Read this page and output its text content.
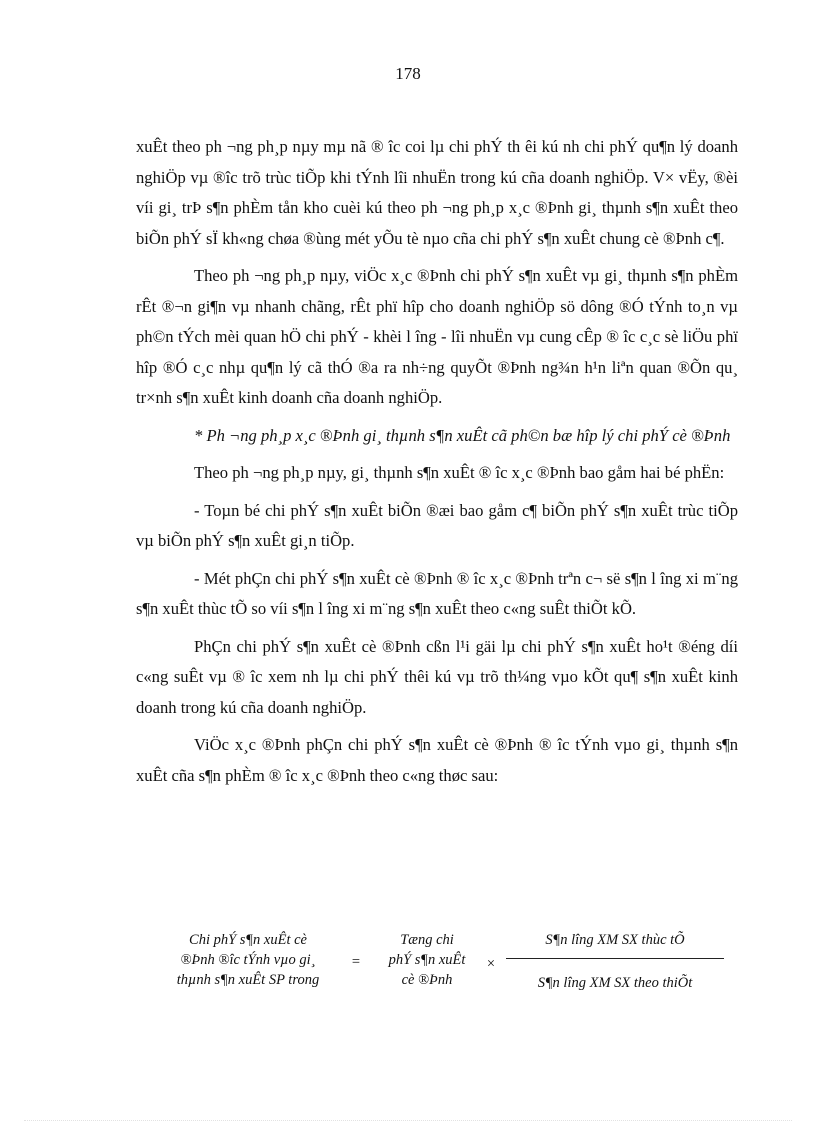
178

xuÊt theo ph ¬ng ph¸p nµy mµ nã ® îc coi lµ chi phÝ th êi kú nh chi phÝ qu¶n lý doanh nghiÖp vµ ®îc trõ trùc tiÕp khi tÝnh lîi nhuËn trong kú cña doanh nghiÖp. V× vËy, ®èi víi gi¸ trÞ s¶n phÈm tån kho cuèi kú theo ph ¬ng ph¸p x¸c ®Þnh gi¸ thµnh s¶n xuÊt theo biÕn phÝ sÏ kh«ng chøa ®ùng mét yÕu tè nµo cña chi phÝ s¶n xuÊt chung cè ®Þnh c¶.

Theo ph ¬ng ph¸p nµy, viÖc x¸c ®Þnh chi phÝ s¶n xuÊt vµ gi¸ thµnh s¶n phÈm rÊt ®¬n gi¶n vµ nhanh chãng, rÊt phï hîp cho doanh nghiÖp sö dông ®Ó tÝnh to¸n vµ ph©n tÝch mèi quan hÖ chi phÝ - khèi l îng - lîi nhuËn vµ cung cÊp ® îc c¸c sè liÖu phï hîp ®Ó c¸c nhµ qu¶n lý cã thÓ ®a ra nh÷ng quyÕt ®Þnh ng¾n h¹n liªn quan ®Õn qu¸ tr×nh s¶n xuÊt kinh doanh cña doanh nghiÖp.

* Ph ¬ng ph¸p x¸c ®Þnh gi¸ thµnh s¶n xuÊt cã ph©n bæ hîp lý chi phÝ cè ®Þnh

Theo ph ¬ng ph¸p nµy, gi¸ thµnh s¶n xuÊt ® îc x¸c ®Þnh bao gåm hai bé phËn:

- Toµn bé chi phÝ s¶n xuÊt biÕn ®æi bao gåm c¶ biÕn phÝ s¶n xuÊt trùc tiÕp vµ biÕn phÝ s¶n xuÊt gi¸n tiÕp.

- Mét phÇn chi phÝ s¶n xuÊt cè ®Þnh ® îc x¸c ®Þnh trªn c¬ së s¶n l îng xi m¨ng s¶n xuÊt thùc tÕ so víi s¶n l îng xi m¨ng s¶n xuÊt theo c«ng suÊt thiÕt kÕ.

PhÇn chi phÝ s¶n xuÊt cè ®Þnh cßn l¹i gäi lµ chi phÝ s¶n xuÊt ho¹t ®éng díi c«ng suÊt vµ ® îc xem nh lµ chi phÝ thêi kú vµ trõ th¼ng vµo kÕt qu¶ s¶n xuÊt kinh doanh trong kú cña doanh nghiÖp.

ViÖc x¸c ®Þnh phÇn chi phÝ s¶n xuÊt cè ®Þnh ® îc tÝnh vµo gi¸ thµnh s¶n xuÊt cña s¶n phÈm ® îc x¸c ®Þnh theo c«ng thøc sau:

Chi phÝ s¶n xuÊt cè
®Þnh ®îc tÝnh vµo gi¸
thµnh s¶n xuÊt SP trong
=
Tæng chi
phÝ s¶n xuÊt
cè ®Þnh
×
S¶n lîng XM SX thùc tÕ
S¶n lîng XM SX theo thiÕt
